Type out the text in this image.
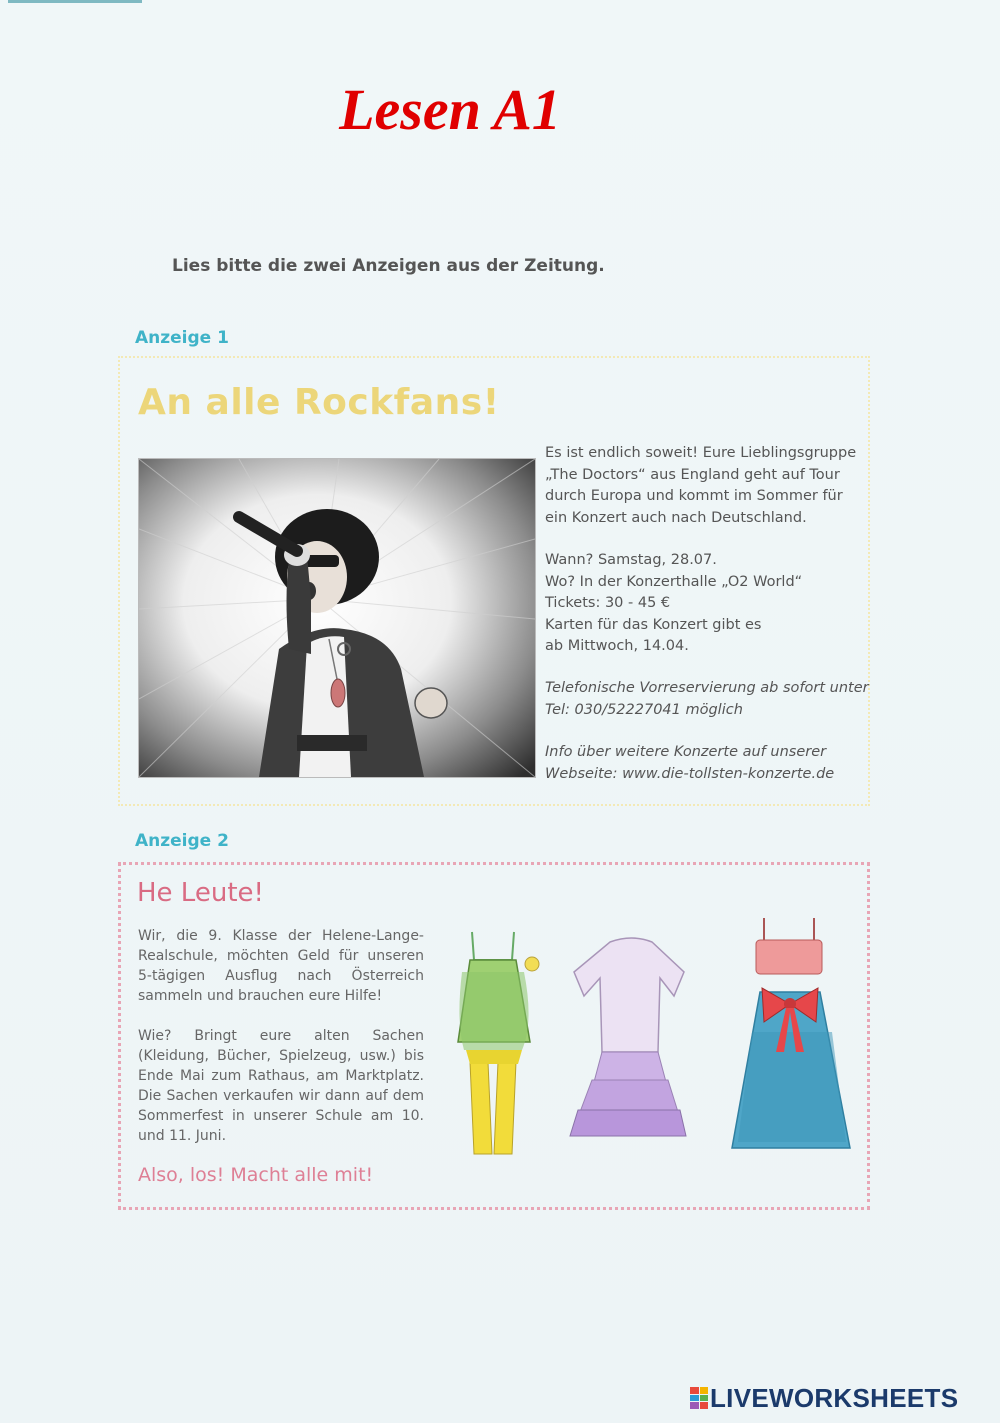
Lesen A1
Lies bitte die zwei Anzeigen aus der Zeitung.
Anzeige 1
An alle Rockfans!
Es ist endlich soweit! Eure Lieblingsgruppe
„The Doctors“ aus England geht auf Tour
durch Europa und kommt im Sommer für
ein Konzert auch nach Deutschland.
Wann? Samstag, 28.07.
Wo? In der Konzerthalle „O2 World“
Tickets: 30 - 45 €
Karten für das Konzert gibt es
ab Mittwoch, 14.04.
Telefonische Vorreservierung ab sofort unter
Tel: 030/52227041 möglich
Info über weitere Konzerte auf unserer
Webseite: www.die-tollsten-konzerte.de
Anzeige 2
He Leute!
Wir, die 9. Klasse der Helene-Lange-Realschule, möchten Geld für unseren 5-tägigen Ausflug nach Österreich sammeln und brauchen eure Hilfe!
Wie? Bringt eure alten Sachen (Kleidung, Bücher, Spielzeug, usw.) bis Ende Mai zum Rathaus, am Marktplatz. Die Sachen verkaufen wir dann auf dem Sommerfest in unserer Schule am 10. und 11. Juni.
Also, los! Macht alle mit!
LIVEWORKSHEETS
